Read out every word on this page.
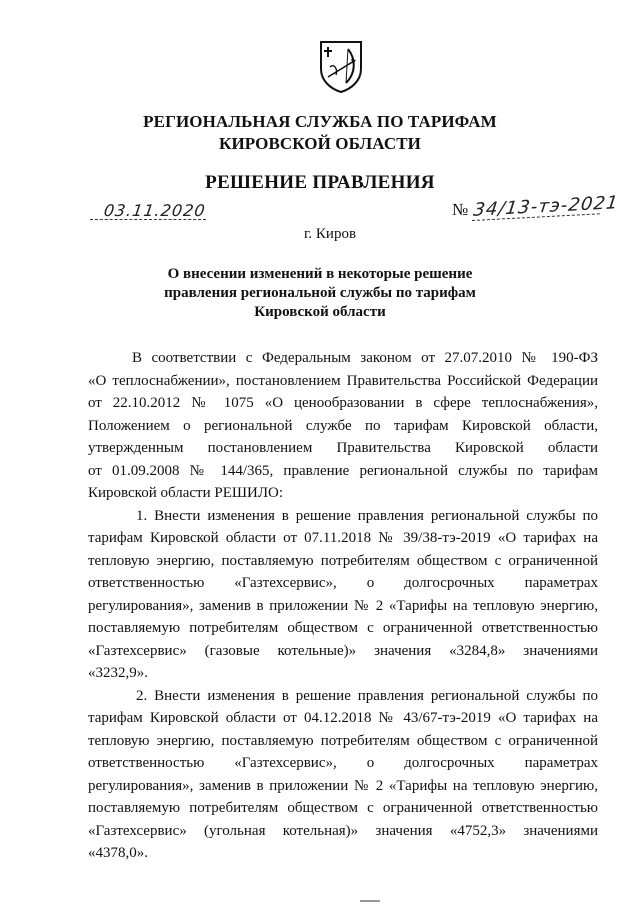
РЕГИОНАЛЬНАЯ СЛУЖБА ПО ТАРИФАМ
КИРОВСКОЙ ОБЛАСТИ
РЕШЕНИЕ ПРАВЛЕНИЯ
03.11.2020	№ 34/13-тэ-2021
г. Киров
О внесении изменений в некоторые решение
правления региональной службы по тарифам
Кировской области
В соответствии с Федеральным законом от 27.07.2010 № 190-ФЗ
«О теплоснабжении», постановлением Правительства Российской Федерации
от 22.10.2012 № 1075 «О ценообразовании в сфере теплоснабжения»,
Положением о региональной службе по тарифам Кировской области,
утвержденным постановлением Правительства Кировской области
от 01.09.2008 № 144/365, правление региональной службы по тарифам
Кировской области РЕШИЛО:
1. Внести изменения в решение правления региональной службы по
тарифам Кировской области от 07.11.2018 № 39/38-тэ-2019 «О тарифах на
тепловую энергию, поставляемую потребителям обществом с ограниченной
ответственностью «Газтехсервис», о долгосрочных параметрах
регулирования», заменив в приложении № 2 «Тарифы на тепловую энергию,
поставляемую потребителям обществом с ограниченной ответственностью
«Газтехсервис» (газовые котельные)» значения «3284,8» значениями
«3232,9».
2. Внести изменения в решение правления региональной службы по
тарифам Кировской области от 04.12.2018 № 43/67-тэ-2019 «О тарифах на
тепловую энергию, поставляемую потребителям обществом с ограниченной
ответственностью «Газтехсервис», о долгосрочных параметрах
регулирования», заменив в приложении № 2 «Тарифы на тепловую энергию,
поставляемую потребителям обществом с ограниченной ответственностью
«Газтехсервис» (угольная котельная)» значения «4752,3» значениями
«4378,0».
